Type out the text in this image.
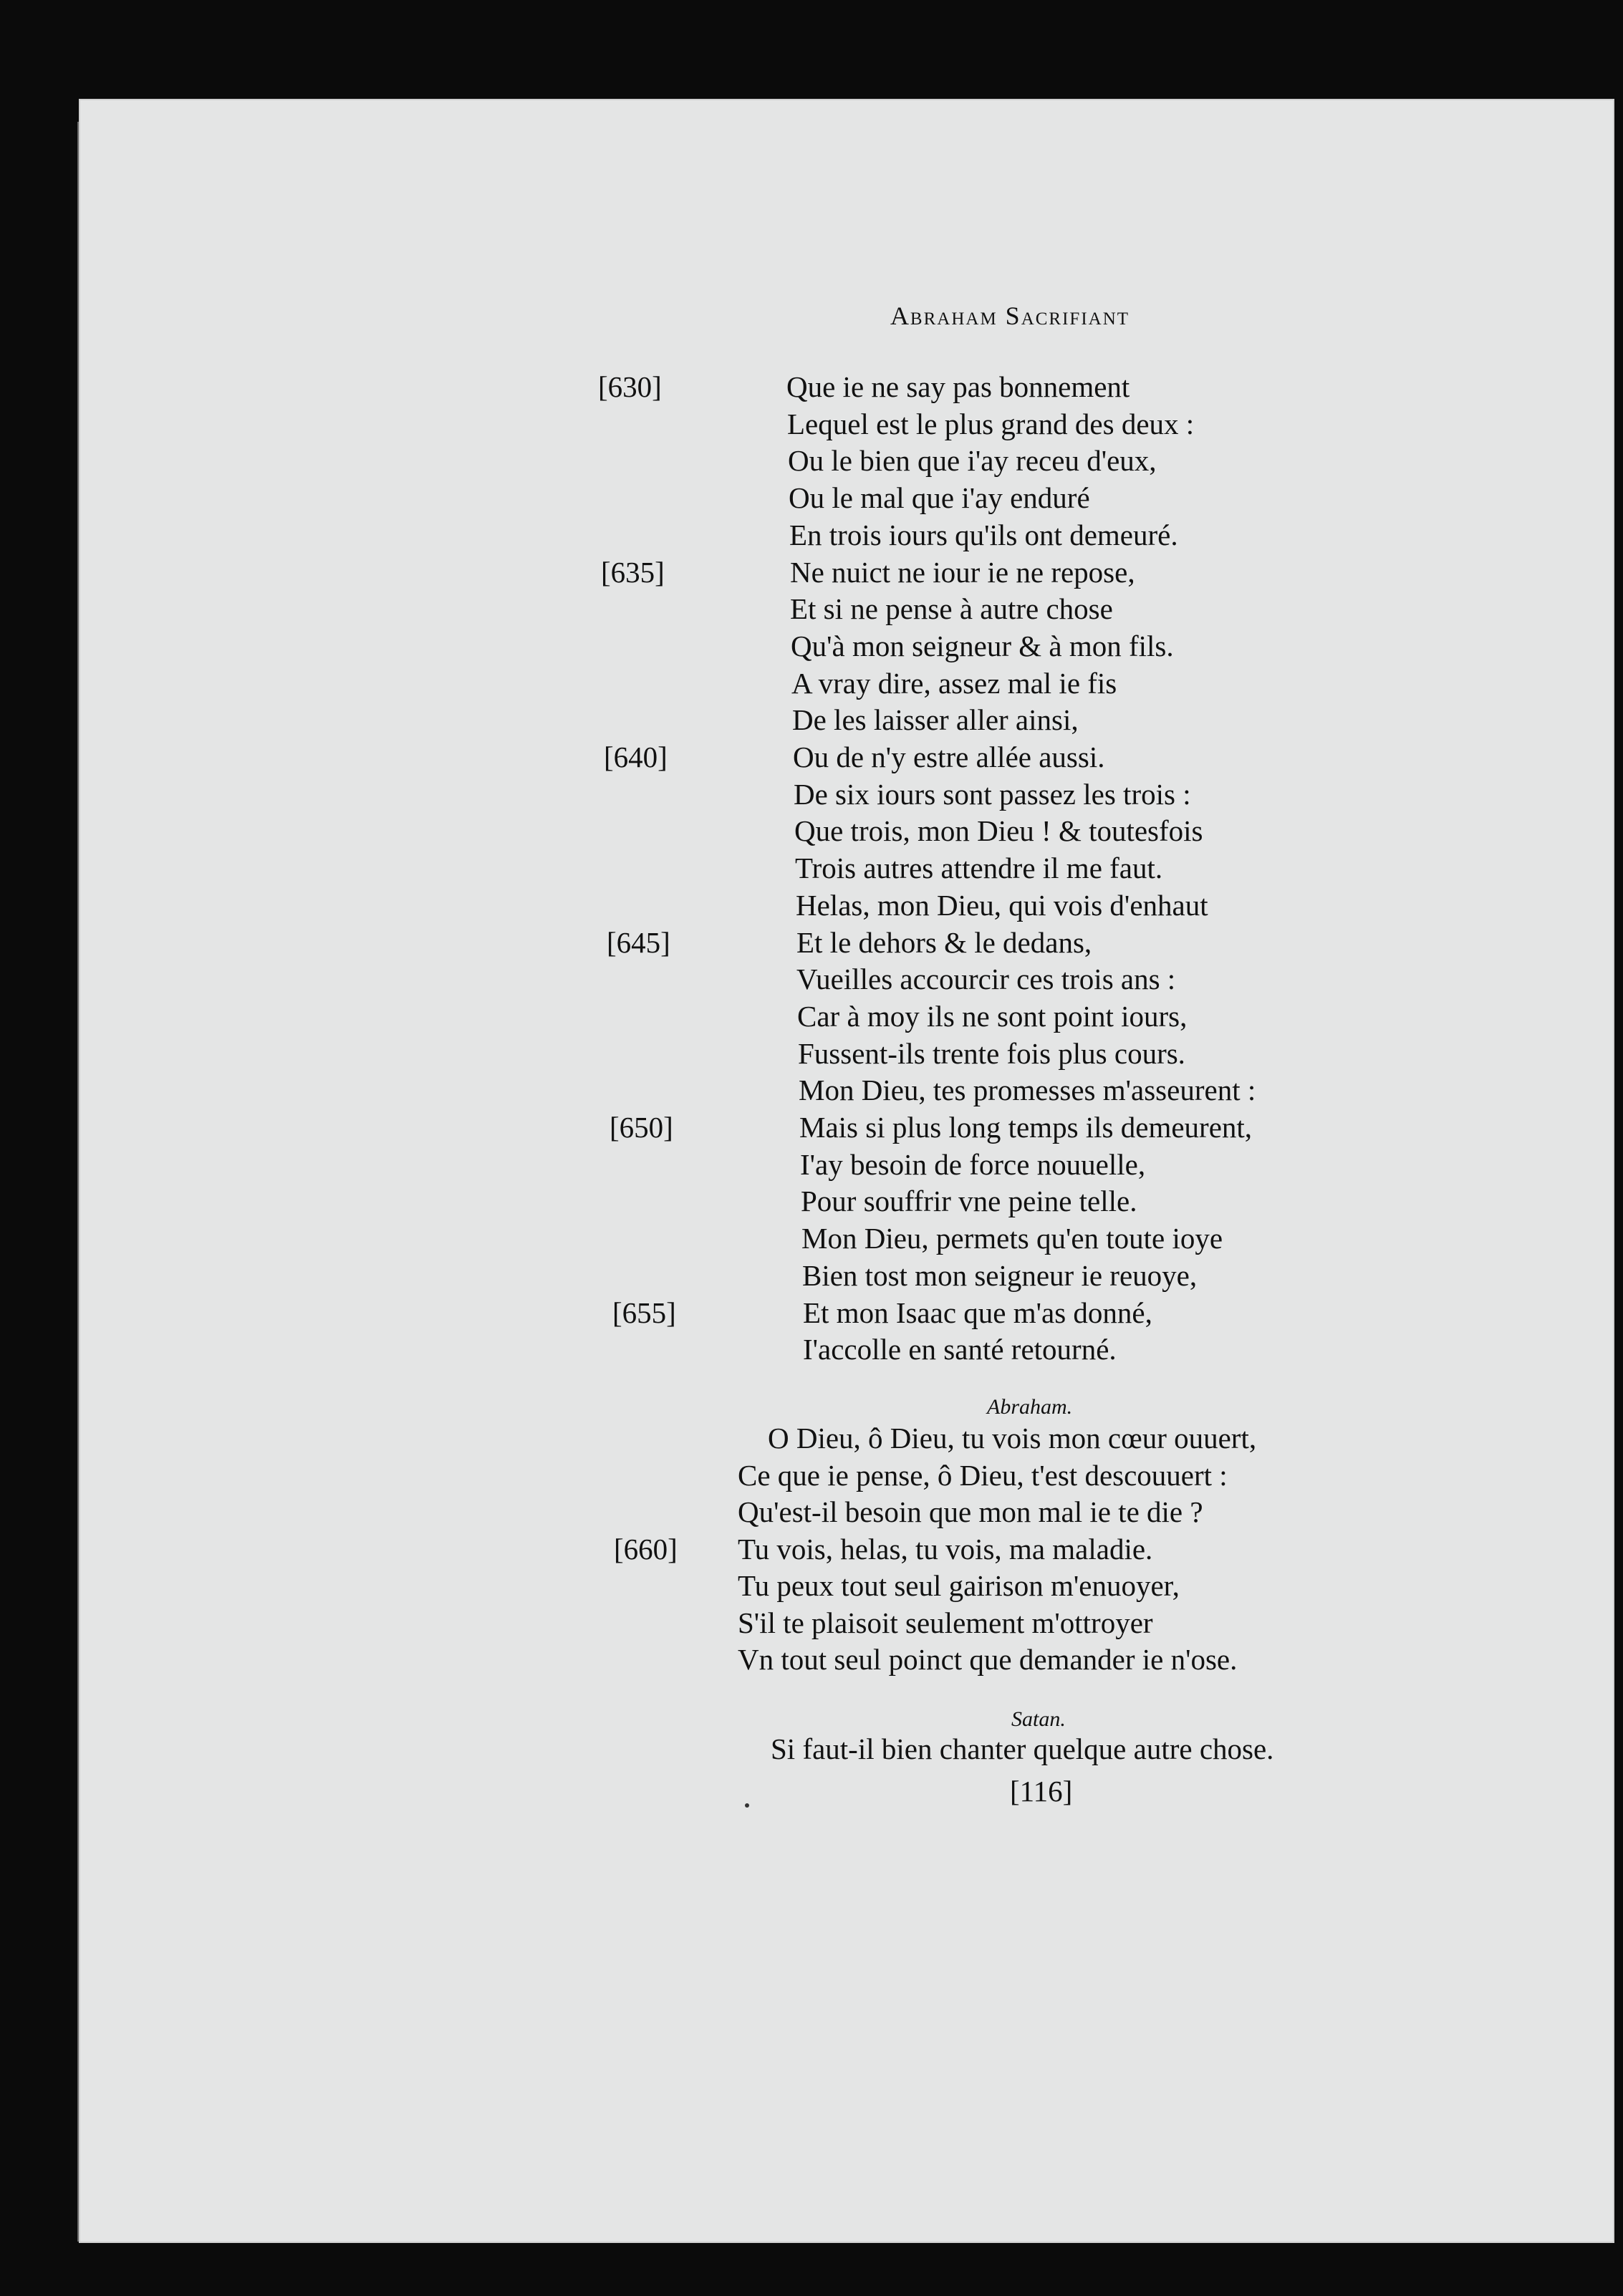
Abraham Sacrifiant
[630]
[635]
[640]
[645]
[650]
[655]
[660]
Que ie ne say pas bonnement
Lequel est le plus grand des deux :
Ou le bien que i'ay receu d'eux,
Ou le mal que i'ay enduré
En trois iours qu'ils ont demeuré.
Ne nuict ne iour ie ne repose,
Et si ne pense à autre chose
Qu'à mon seigneur & à mon fils.
A vray dire, assez mal ie fis
De les laisser aller ainsi,
Ou de n'y estre allée aussi.
De six iours sont passez les trois :
Que trois, mon Dieu ! & toutesfois
Trois autres attendre il me faut.
Helas, mon Dieu, qui vois d'enhaut
Et le dehors & le dedans,
Vueilles accourcir ces trois ans :
Car à moy ils ne sont point iours,
Fussent-ils trente fois plus cours.
Mon Dieu, tes promesses m'asseurent :
Mais si plus long temps ils demeurent,
I'ay besoin de force nouuelle,
Pour souffrir vne peine telle.
Mon Dieu, permets qu'en toute ioye
Bien tost mon seigneur ie reuoye,
Et mon Isaac que m'as donné,
I'accolle en santé retourné.
Abraham.
O Dieu, ô Dieu, tu vois mon cœur ouuert,
Ce que ie pense, ô Dieu, t'est descouuert :
Qu'est-il besoin que mon mal ie te die ?
Tu vois, helas, tu vois, ma maladie.
Tu peux tout seul gairison m'enuoyer,
S'il te plaisoit seulement m'ottroyer
Vn tout seul poinct que demander ie n'ose.
Satan.
Si faut-il bien chanter quelque autre chose.
[116]
